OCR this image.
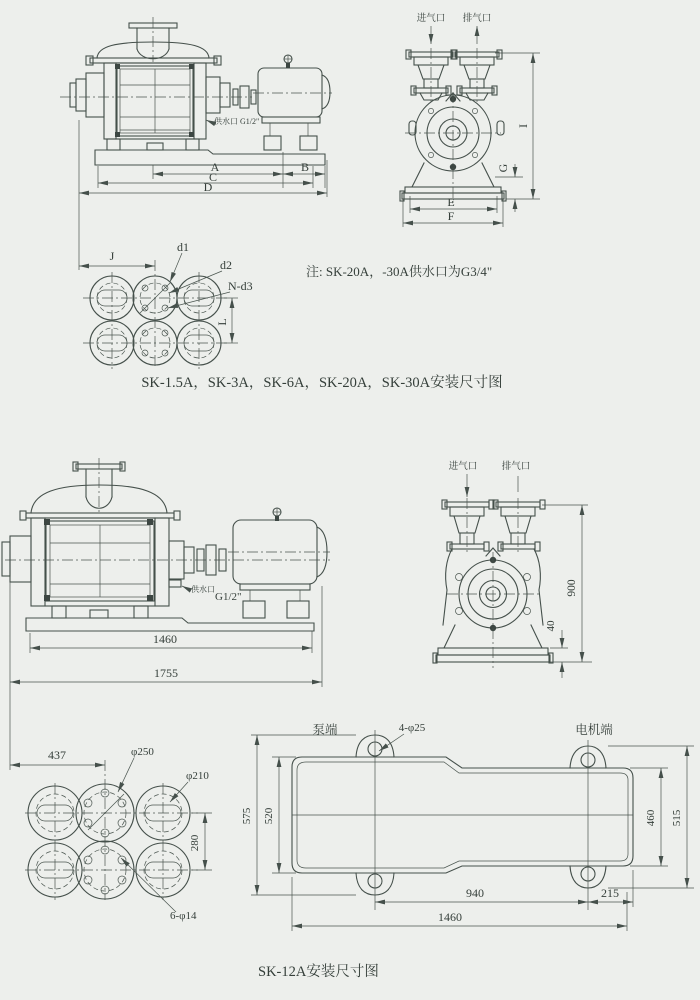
供水口 G1/2"
A	B
C
D
进气口 排气口
I
G
E
F
J
d1
d2
N-d3
L
注: SK-20A，-30A供水口为G3/4"
SK-1.5A，SK-3A，SK-6A，SK-20A，SK-30A安装尺寸图
供水口
G1/2"
1460
1755
进气口	排气口
900
40
437	φ250
φ210
280
6-φ14
泵端	电机端
4-φ25
575 520	460 515
940	215
1460
SK-12A安装尺寸图
